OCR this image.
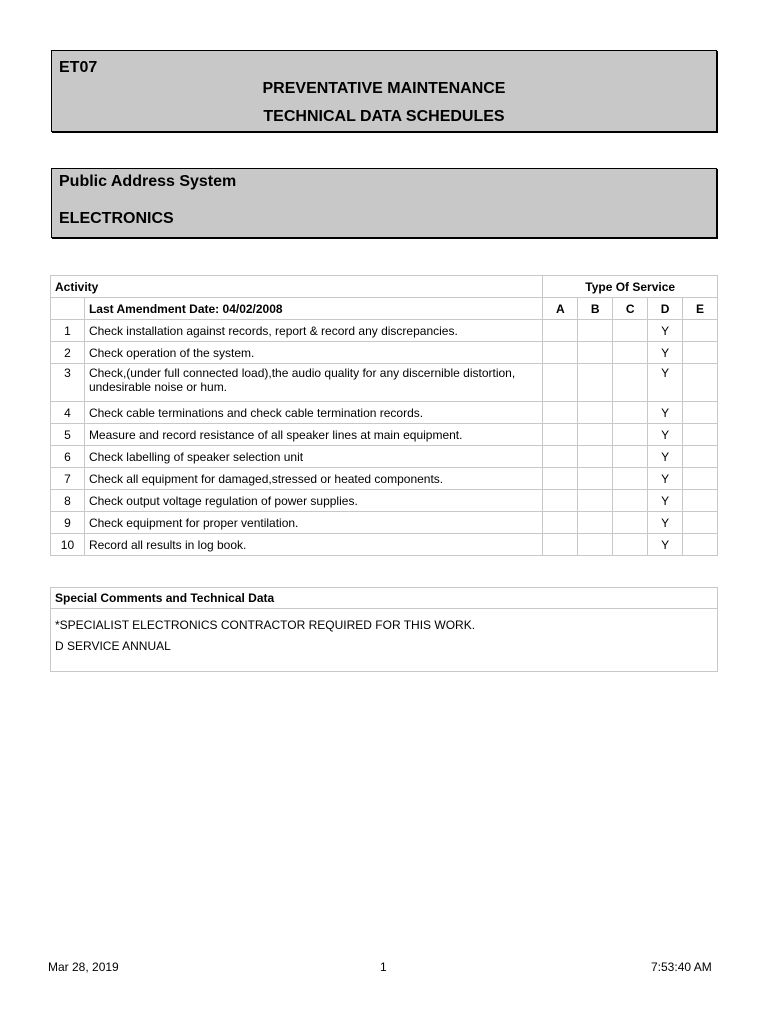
ET07
PREVENTATIVE MAINTENANCE
TECHNICAL DATA SCHEDULES
Public Address System
ELECTRONICS
Activity		Type Of Service				
	Last Amendment Date: 04/02/2008	A	B	C	D	E
1	Check installation against records, report & record any discrepancies.				Y	
2	Check operation of the system.				Y	
3	Check,(under full connected load),the audio quality for any discernible distortion, undesirable noise or hum.				Y	
4	Check cable terminations and check cable termination records.				Y	
5	Measure and record resistance of all speaker lines at main equipment.				Y	
6	Check labelling of speaker selection unit				Y	
7	Check all equipment for damaged,stressed or heated components.				Y	
8	Check output voltage regulation of power supplies.				Y	
9	Check equipment for proper ventilation.				Y	
10	Record all results in log book.				Y	
Special Comments and Technical Data

*SPECIALIST ELECTRONICS CONTRACTOR REQUIRED FOR THIS WORK.
D SERVICE ANNUAL
Mar 28, 2019	1	7:53:40 AM
